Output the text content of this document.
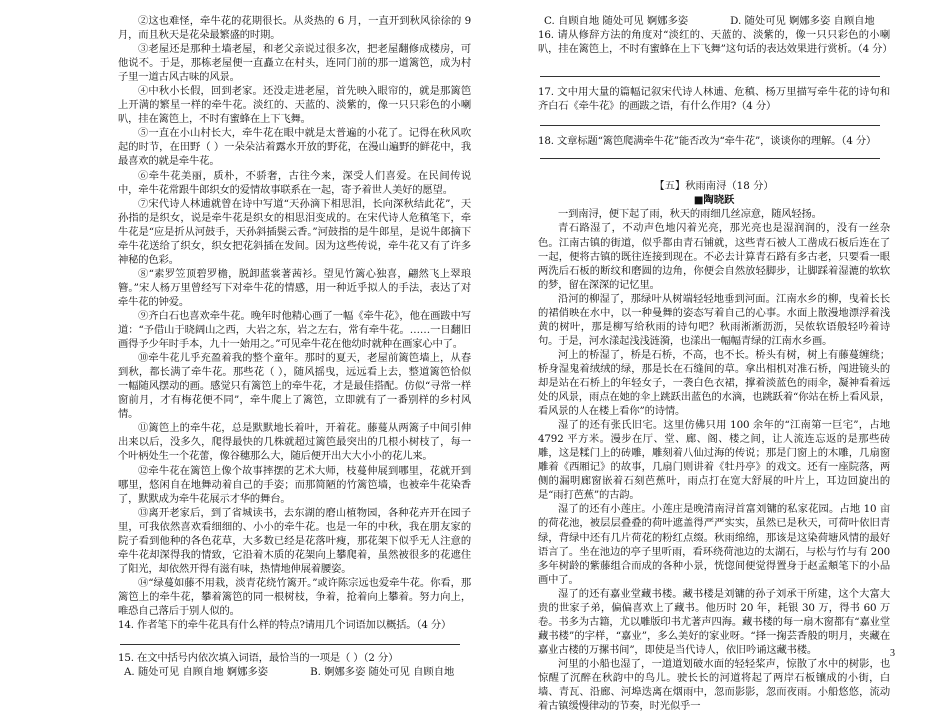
②这也难怪，牵牛花的花期很长。从炎热的 6 月，一直开到秋风徐徐的 9 月，而且秋天是花朵最繁盛的时期。

③老屋还是那种土墙老屋，和老父亲说过很多次，把老屋翻修成楼房，可他说不。于是，那栋老屋便一直矗立在村头，连同门前的那一道篱笆，成为村子里一道古风古味的风景。

④中秋小长假，回到老家。还没走进老屋，首先映入眼帘的，就是那篱笆上开满的繁星一样的牵牛花。淡红的、天蓝的、淡紫的，像一只只彩色的小喇叭，挂在篱笆上，不时有蜜蜂在上下飞舞。

⑤一直在小山村长大，牵牛花在眼中就是太普遍的小花了。记得在秋风吹起的时节，在田野（ ）一朵朵沾着露水开放的野花，在漫山遍野的鲜花中，我最喜欢的就是牵牛花。

⑥牵牛花美丽，质朴，不骄奢，古往今来，深受人们喜爱。在民间传说中，牵牛花常跟牛郎织女的爱情故事联系在一起，寄予着世人美好的愿望。

⑦宋代诗人林逋就曾在诗中写道“天孙滴下相思泪，长向深秋结此花”，天孙指的是织女，说是牵牛花是织女的相思泪变成的。在宋代诗人危稹笔下，牵牛花是“应是折从河鼓手，天孙斜插鬓云香。”河鼓指的是牛郎星，是说牛郎摘下牵牛花送给了织女，织女把花斜插在发间。因为这些传说，牵牛花又有了许多神秘的色彩。

⑧“素罗笠顶碧罗檐，脱卸蓝裳著茜衫。望见竹篱心独喜，翩然飞上翠琅簪。”宋人杨万里曾经写下对牵牛花的情感，用一种近乎拟人的手法，表达了对牵牛花的钟爱。

⑨齐白石也喜欢牵牛花。晚年时他精心画了一幅《牵牛花》，他在画跋中写道：“予借山于晓阔山之西，大岩之东，岩之左右，常有牵牛花。……一日翻旧画得予少年时手本，九十一始用之。”可见牵牛花在他幼时就种在画家心中了。

⑩牵牛花儿乎充盈着我的整个童年。那时的夏天，老屋前篱笆墙上，从春到秋，都长满了牵牛花。那些花（ ），随风摇曳，远远看上去，整道篱笆恰似一幅随风摆动的画。感觉只有篱笆上的牵牛花，才是最佳搭配。仿似“寻常一样窗前月，才有梅花便不同”，牵牛爬上了篱笆，立即就有了一番别样的乡村风情。

⑪篱笆上的牵牛花，总是默默地长着叶，开着花。藤蔓从两篱子中间引伸出来以后，没多久，爬得最快的几株就超过篱笆最突出的几根小树枝了，每一个叶柄处生一个花蕾，像谷穗那么大，随后便开出大大小小的花儿来。

⑫牵牛花在篱笆上像个故事摔摆的艺术大师，枝蔓伸展到哪里，花就开到哪里，悠闲自在地舞动着自己的手姿；而那简陋的竹篱笆墙，也被牵牛花染香了，默默成为牵牛花展示才华的舞台。

⑬离开老家后，到了省城读书，去东湖的磨山植物园，各种花卉开在园子里，可我依然喜欢看细细的、小小的牵牛花。也是一年的中秋，我在朋友家的院子看到他种的各色花草，大多数已经是花落叶瘦，那花架下似乎无人注意的牵牛花却深得我的情致，它沿着木质的花架向上攀爬着，虽然被很多的花遮住了阳光，却依然开得有滋有味，热情地伸展着腰姿。

⑭“绿蔓如藤不用栽，淡青花绕竹篱开。”或许陈宗远也爱牵牛花。你看，那篱笆上的牵牛花，攀着篱笆的同一根树枝，争着，抢着向上攀着。努力向上，唯恐自己落后于别人似的。

14. 作者笔下的牵牛花具有什么样的特点?请用几个词语加以概括。（4 分）

15. 在文中括号内依次填入词语，最恰当的一项是（ ）（2 分）

A. 随处可见 自顾自地 婀娜多姿	B. 婀娜多姿 随处可见 自顾自地
C. 自顾自地 随处可见 婀娜多姿	D. 随处可见 婀娜多姿 自顾自地

16. 请从修辞方法的角度对“淡红的、天蓝的、淡紫的，像一只只彩色的小喇叭，挂在篱笆上，不时有蜜蜂在上下飞舞”这句话的表达效果进行赏析。（4 分）

17. 文中用大量的篇幅记叙宋代诗人林逋、危稹、杨万里描写牵牛花的诗句和齐白石《牵牛花》的画跋之语，有什么作用?（4 分）

18. 文章标题“篱笆爬满牵牛花”能否改为“牵牛花”，谈谈你的理解。（4 分）

【五】秋雨南浔（18 分）
■陶晓跃

一到南浔，便下起了雨，秋天的雨细几丝凉意，随风轻扬。

青石路湿了，不动声色地闪着光亮，那光亮也是湿润润的，没有一丝杂色。江南古镇的街道，似乎都由青石铺就，这些青石被人工凿成石板后连在了一起，便将古镇的既往连接到现在。不必去计算青石路有多古老，只要看一眼两洗后石板的断纹和磨圆的边角，你便会自然放轻脚步，让脚踩着湿漉的软软的梦，留在深深的记忆里。

沿河的柳湿了，那绿叶从树端轻轻地垂到河面。江南水乡的柳，曳着长长的裙俏映在水中，以一种曼舞的姿态写着自己的心事。水面上散漫地漂浮着浅黄的树叶，那是柳写给秋雨的诗句吧？秋雨淅淅沥沥，吴侬软语般轻吟着诗句。于是，河水漾起浅浅涟漪，也漾出一幅幅青绿的江南水乡画。

河上的桥湿了，桥是石桥，不高，也不长。桥头有树，树上有藤蔓缠绕；桥身湿鬼着绒绒的绿，那是长在石缝间的草。拿出相机对准石桥，闯进镜头的却是站在石桥上的年轻女子，一袭白色衣裙，撑着淡蓝色的雨伞，凝神看着远处的风景，雨点在她的伞上跳跃出蓝色的水滴，也跳跃着“你站在桥上看风景，看风景的人在楼上看你”的诗情。

湿了的还有张氏旧宅。这里仿佛只用 100 余年的“江南第一巨宅”，占地 4792 平方米。漫步在厅、堂、廊、阁、楼之间，让人流连忘返的是那些砖雕，这是糅门上的砖雕，雕刻着八仙过海的传说；那是门窗上的木雕，几扇窗雕着《西厢记》的故事，几扇门则讲着《牡丹亭》的戏文。还有一座院落，两侧的漏明廊窗嵌着石刻芭蕉叶，雨点打在宽大舒展的叶片上，耳边回旋出的是“雨打芭蕉”的古韵。

湿了的还有小莲庄。小莲庄是晚清南浔首富刘镛的私家花园。占地 10 亩的荷花池，被层层叠叠的荷叶遮盖得严严实实，虽然已是秋天，可荷叶依旧青绿，背绿中还有几片荷花的粉红点缀。秋雨绵绵，那该是这染荷塘风情的最好语言了。坐在池边的亭子里听雨，看环绕荷池边的太湖石，与松与竹与有 200 多年树龄的紫藤组合而成的各种小景，恍惚间便觉得置身于赵孟頫笔下的小品画中了。

湿了的还有嘉业堂藏书楼。藏书楼是刘镛的孙子刘承干所建，这个大富大贵的世家子弟，偏偏喜欢上了藏书。他历时 20 年，耗银 30 万，得书 60 万卷。书多为古籍，尤以雕版印书尤著声四海。藏书楼的每一扇木窗都有“嘉业堂藏书楼”的字样，“嘉业”，多么美好的家业呀。“择一掬芸香般的明月，夹藏在嘉业古楼的万摞书间”，即使是当代诗人，依旧吟诵这藏书楼。

河里的小船也湿了，一道道划破水面的轻轻桨声，惊散了水中的树影，也惊醒了沉醉在秋韵中的鸟儿。驶长长的河道将起了两岸石板镶成的小街，白墙、青瓦、沿廊、河埠迭离在烟雨中，忽而影影，忽而夜雨。小船悠悠，流动着古镇缓慢律动的节奏，时光似乎一

3
